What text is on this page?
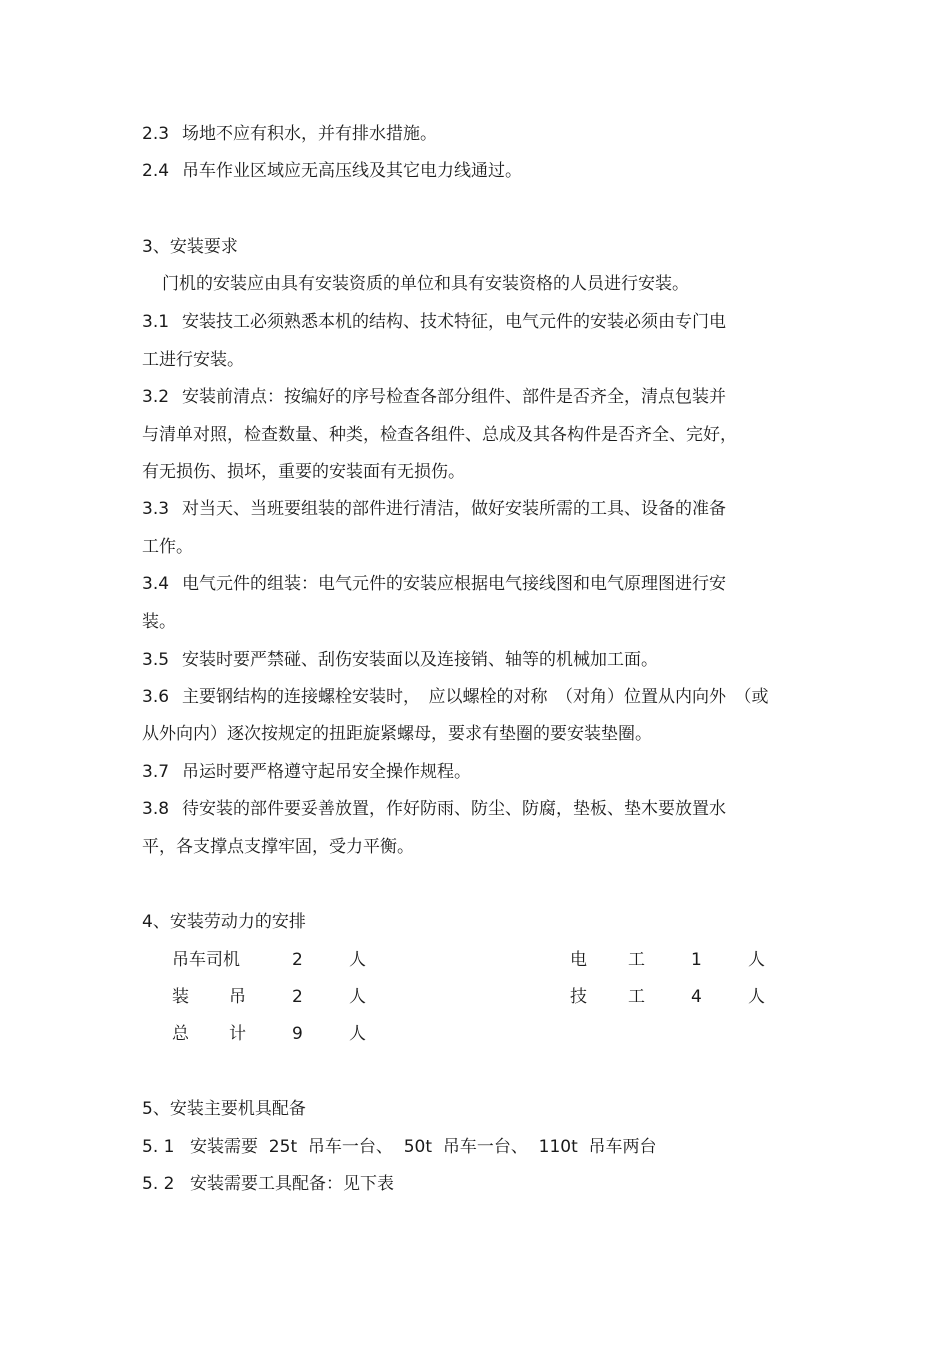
2.3 场地不应有积水，并有排水措施。
2.4 吊车作业区域应无高压线及其它电力线通过。
3、安装要求
门机的安装应由具有安装资质的单位和具有安装资格的人员进行安装。
3.1 安装技工必须熟悉本机的结构、技术特征，电气元件的安装必须由专门电
工进行安装。
3.2 安装前清点：按编好的序号检查各部分组件、部件是否齐全，清点包装并
与清单对照，检查数量、种类，检查各组件、总成及其各构件是否齐全、完好，
有无损伤、损坏，重要的安装面有无损伤。
3.3 对当天、当班要组装的部件进行清洁，做好安装所需的工具、设备的准备
工作。
3.4 电气元件的组装：电气元件的安装应根据电气接线图和电气原理图进行安
装。
3.5 安装时要严禁碰、刮伤安装面以及连接销、轴等的机械加工面。
3.6 主要钢结构的连接螺栓安装时，　应以螺栓的对称　（对角）位置从内向外　（或
从外向内）逐次按规定的扭距旋紧螺母，要求有垫圈的要安装垫圈。
3.7 吊运时要严格遵守起吊安全操作规程。
3.8 待安装的部件要妥善放置，作好防雨、防尘、防腐，垫板、垫木要放置水
平，各支撑点支撑牢固，受力平衡。
4、安装劳动力的安排
吊车司机	2	人	电 工	1	人
装 吊	2	人	技 工	4	人
总 计	9	人
5、安装主要机具配备
5. 1 安装需要  25t  吊车一台、  50t  吊车一台、  110t  吊车两台
5. 2 安装需要工具配备：见下表
